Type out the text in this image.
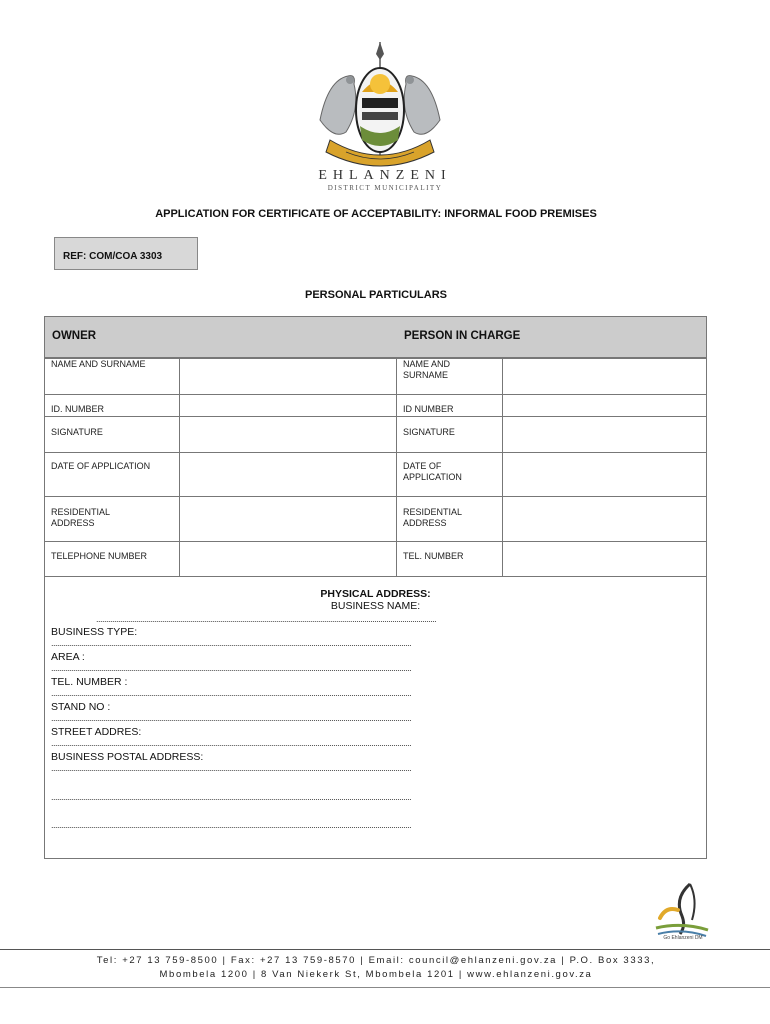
EHLANZENI
DISTRICT MUNICIPALITY
APPLICATION FOR CERTIFICATE OF ACCEPTABILITY: INFORMAL FOOD PREMISES
REF: COM/COA 3303
PERSONAL PARTICULARS
OWNER	PERSON IN CHARGE
NAME AND SURNAME
ID. NUMBER
SIGNATURE
DATE OF APPLICATION
RESIDENTIAL
ADDRESS
TELEPHONE NUMBER
NAME AND
SURNAME
ID NUMBER
SIGNATURE
DATE OF
APPLICATION
RESIDENTIAL
ADDRESS
TEL. NUMBER
PHYSICAL ADDRESS:
BUSINESS NAME:
..........................................................................................................................................................................
BUSINESS TYPE:
....................................................................................................................................................................................
AREA :
....................................................................................................................................................................................
TEL. NUMBER :
....................................................................................................................................................................................
STAND NO :
....................................................................................................................................................................................
STREET ADDRES:
....................................................................................................................................................................................
BUSINESS POSTAL ADDRESS:
....................................................................................................................................................................................
....................................................................................................................................................................................
....................................................................................................................................................................................
Go Ehlanzeni DM
Tel: +27 13 759-8500 | Fax: +27 13 759-8570 | Email: council@ehlanzeni.gov.za | P.O. Box 3333,
Mbombela 1200 | 8 Van Niekerk St, Mbombela 1201 | www.ehlanzeni.gov.za
